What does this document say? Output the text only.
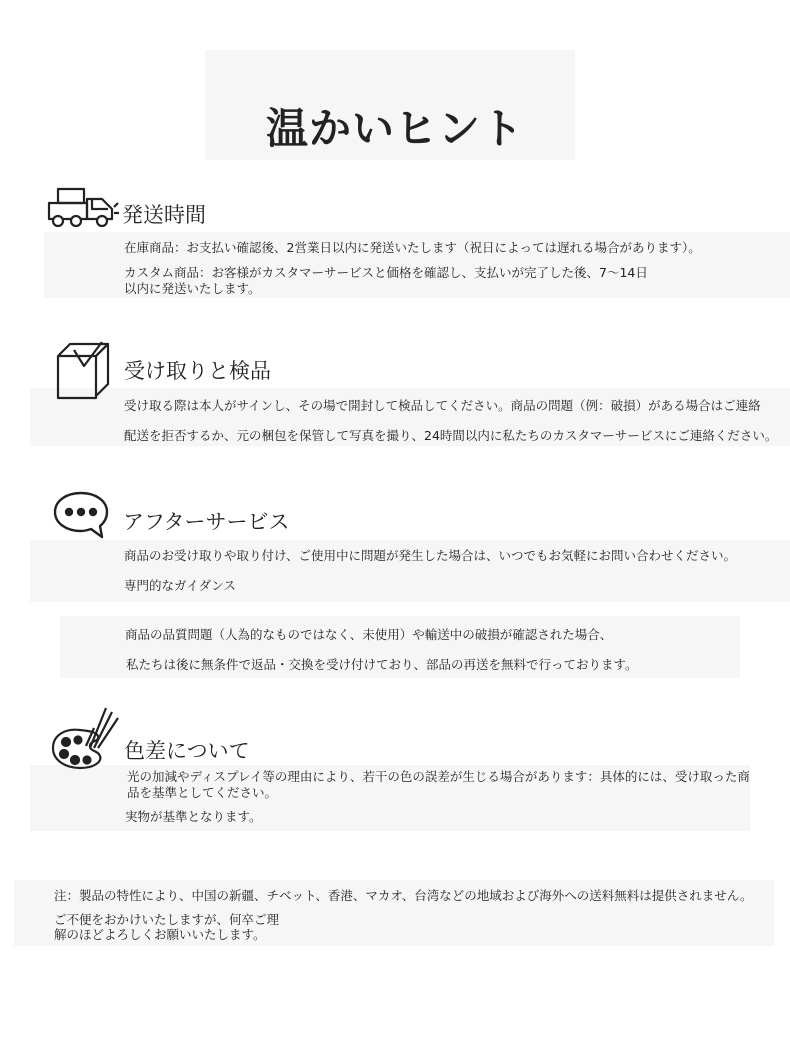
温かいヒント
発送時間
在庫商品：お支払い確認後、2営業日以内に発送いたします（祝日によっては遅れる場合があります）。
カスタム商品：お客様がカスタマーサービスと価格を確認し、支払いが完了した後、7～14日
以内に発送いたします。
受け取りと検品
受け取る際は本人がサインし、その場で開封して検品してください。商品の問題（例：破損）がある場合はご連絡
配送を拒否するか、元の梱包を保管して写真を撮り、24時間以内に私たちのカスタマーサービスにご連絡ください。
アフターサービス
商品のお受け取りや取り付け、ご使用中に問題が発生した場合は、いつでもお気軽にお問い合わせください。
専門的なガイダンス
商品の品質問題（人為的なものではなく、未使用）や輸送中の破損が確認された場合、
私たちは後に無条件で返品・交換を受け付けており、部品の再送を無料で行っております。
色差について
光の加減やディスプレイ等の理由により、若干の色の誤差が生じる場合があります：具体的には、受け取った商
品を基準としてください。
実物が基準となります。
注：製品の特性により、中国の新疆、チベット、香港、マカオ、台湾などの地域および海外への送料無料は提供されません。
ご不便をおかけいたしますが、何卒ご理
解のほどよろしくお願いいたします。
